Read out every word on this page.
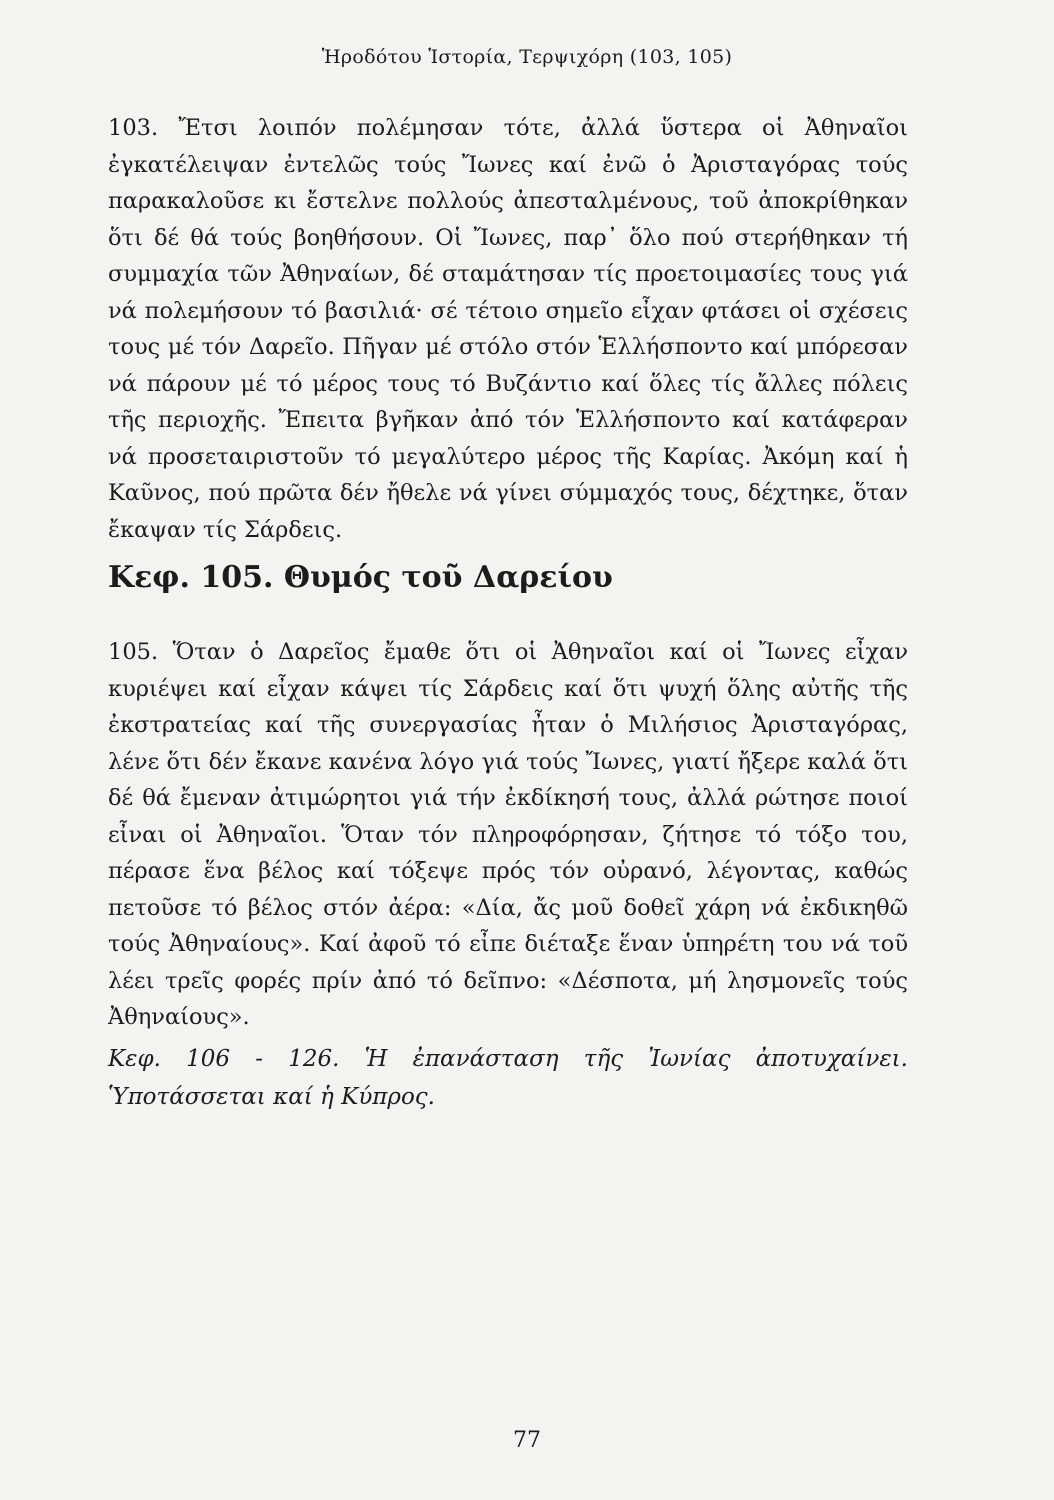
Ἡροδότου Ἱστορία, Τερψιχόρη (103, 105)

103. Ἔτσι λοιπόν πολέμησαν τότε, ἀλλά ὕστερα οἱ Ἀθηναῖοι ἐγκατέλειψαν ἐντελῶς τούς Ἴωνες καί ἐνῶ ὁ Ἀρισταγόρας τούς παρακαλοῦσε κι ἔστελνε πολλούς ἀπεσταλμένους, τοῦ ἀποκρίθηκαν ὅτι δέ θά τούς βοηθήσουν. Οἱ Ἴωνες, παρ᾿ ὅλο πού στερήθηκαν τή συμμαχία τῶν Ἀθηναίων, δέ σταμάτησαν τίς προετοιμασίες τους γιά νά πολεμήσουν τό βασιλιά· σέ τέτοιο σημεῖο εἶχαν φτάσει οἱ σχέσεις τους μέ τόν Δαρεῖο. Πῆγαν μέ στόλο στόν Ἑλλήσποντο καί μπόρεσαν νά πάρουν μέ τό μέρος τους τό Βυζάντιο καί ὅλες τίς ἄλλες πόλεις τῆς περιοχῆς. Ἔπειτα βγῆκαν ἀπό τόν Ἑλλήσποντο καί κατάφεραν νά προσεταιριστοῦν τό μεγαλύτερο μέρος τῆς Καρίας. Ἀκόμη καί ἡ Καῦνος, πού πρῶτα δέν ἤθελε νά γίνει σύμμαχός τους, δέχτηκε, ὅταν ἔκαψαν τίς Σάρδεις.

Κεφ. 105. Θυμός τοῦ Δαρείου

105. Ὅταν ὁ Δαρεῖος ἔμαθε ὅτι οἱ Ἀθηναῖοι καί οἱ Ἴωνες εἶχαν κυριέψει καί εἶχαν κάψει τίς Σάρδεις καί ὅτι ψυχή ὅλης αὐτῆς τῆς ἐκστρατείας καί τῆς συνεργασίας ἦταν ὁ Μιλήσιος Ἀρισταγόρας, λένε ὅτι δέν ἔκανε κανένα λόγο γιά τούς Ἴωνες, γιατί ἤξερε καλά ὅτι δέ θά ἔμεναν ἀτιμώρητοι γιά τήν ἐκδίκησή τους, ἀλλά ρώτησε ποιοί εἶναι οἱ Ἀθηναῖοι. Ὅταν τόν πληροφόρησαν, ζήτησε τό τόξο του, πέρασε ἕνα βέλος καί τόξεψε πρός τόν οὐρανό, λέγοντας, καθώς πετοῦσε τό βέλος στόν ἀέρα: «Δία, ἄς μοῦ δοθεῖ χάρη νά ἐκδικηθῶ τούς Ἀθηναίους». Καί ἀφοῦ τό εἶπε διέταξε ἕναν ὑπηρέτη του νά τοῦ λέει τρεῖς φορές πρίν ἀπό τό δεῖπνο: «Δέσποτα, μή λησμονεῖς τούς Ἀθηναίους».

Κεφ. 106 - 126. Ἡ ἐπανάσταση τῆς Ἰωνίας ἀποτυχαίνει. Ὑποτάσσεται καί ἡ Κύπρος.

77
